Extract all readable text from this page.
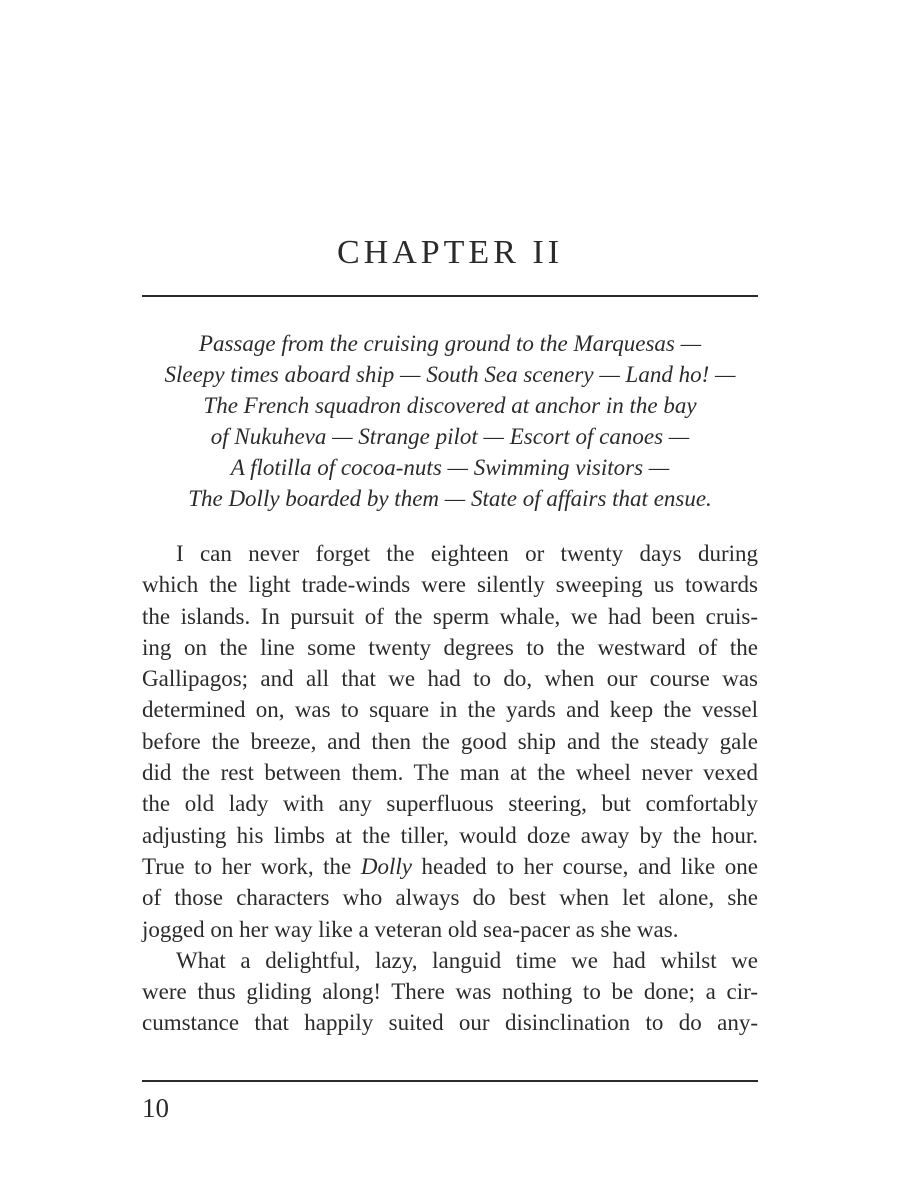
CHAPTER II

Passage from the cruising ground to the Marquesas —
Sleepy times aboard ship — South Sea scenery — Land ho! —
The French squadron discovered at anchor in the bay
of Nukuheva — Strange pilot — Escort of canoes —
A flotilla of cocoa-nuts — Swimming visitors —
The Dolly boarded by them — State of affairs that ensue.

I can never forget the eighteen or twenty days during
which the light trade-winds were silently sweeping us towards
the islands. In pursuit of the sperm whale, we had been cruis-
ing on the line some twenty degrees to the westward of the
Gallipagos; and all that we had to do, when our course was
determined on, was to square in the yards and keep the vessel
before the breeze, and then the good ship and the steady gale
did the rest between them. The man at the wheel never vexed
the old lady with any superfluous steering, but comfortably
adjusting his limbs at the tiller, would doze away by the hour.
True to her work, the Dolly headed to her course, and like one
of those characters who always do best when let alone, she
jogged on her way like a veteran old sea-pacer as she was.
What a delightful, lazy, languid time we had whilst we
were thus gliding along! There was nothing to be done; a cir-
cumstance that happily suited our disinclination to do any-

10
